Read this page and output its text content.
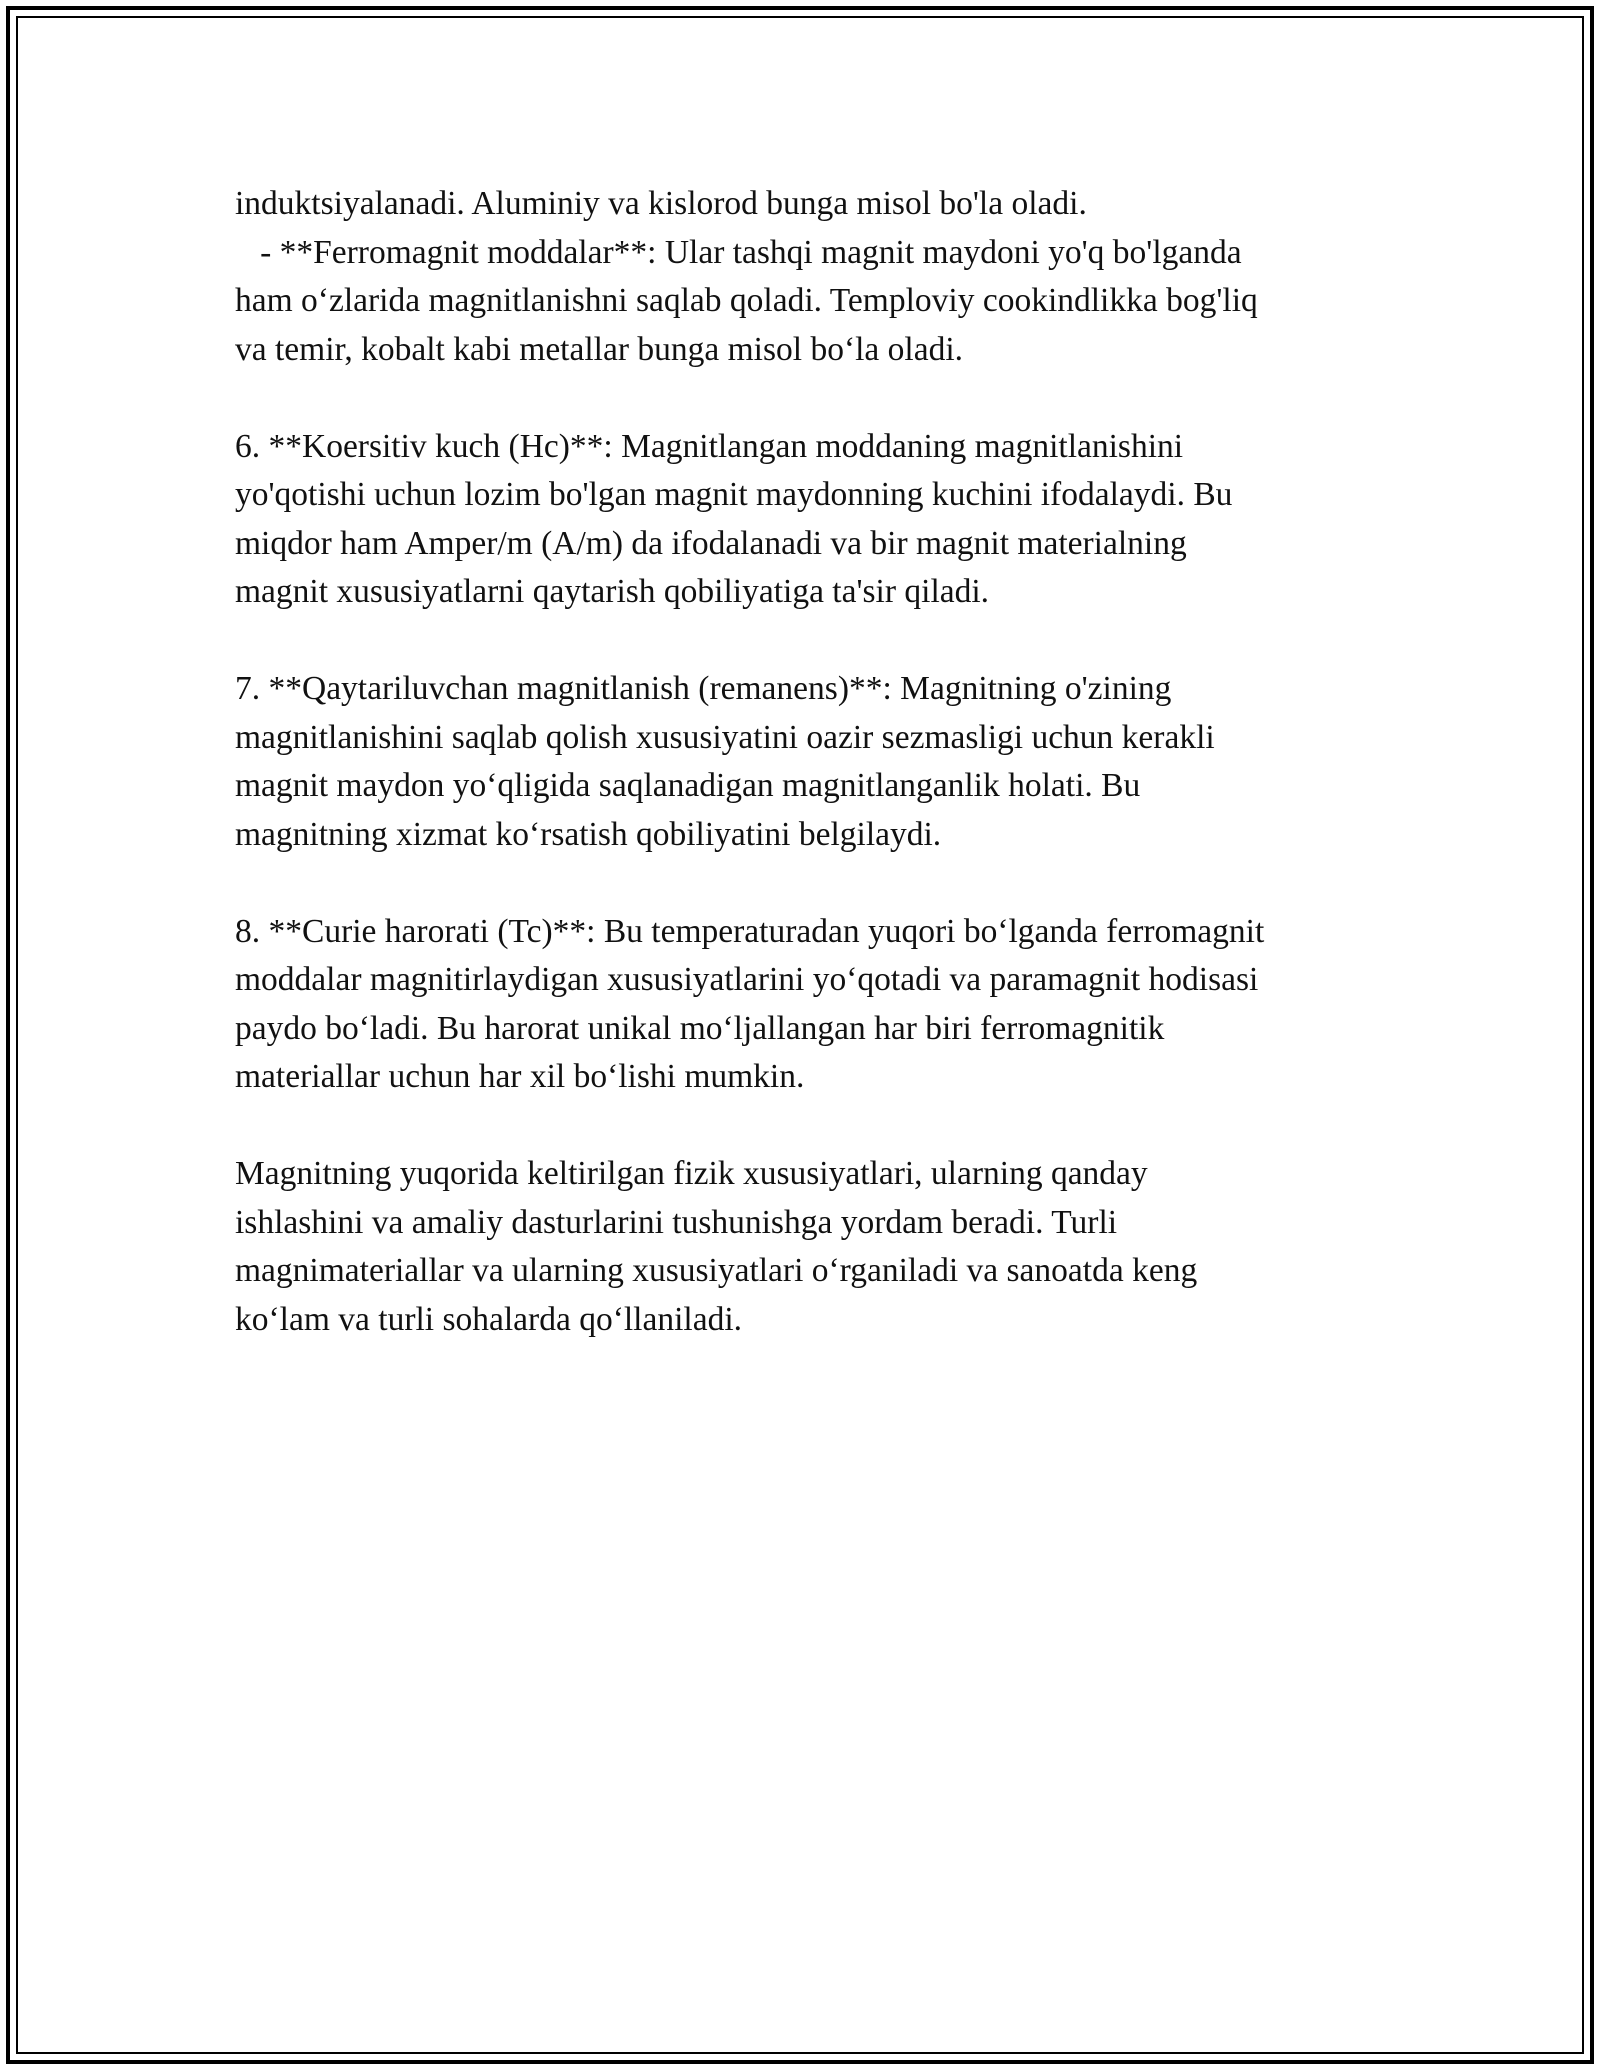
induktsiyalanadi. Aluminiy va kislorod bunga misol bo'la oladi.
- **Ferromagnit moddalar**: Ular tashqi magnit maydoni yo'q bo'lganda
ham o‘zlarida magnitlanishni saqlab qoladi. Temploviy cookindlikka bog'liq
va temir, kobalt kabi metallar bunga misol bo‘la oladi.
6. **Koersitiv kuch (Hc)**: Magnitlangan moddaning magnitlanishini
yo'qotishi uchun lozim bo'lgan magnit maydonning kuchini ifodalaydi. Bu
miqdor ham Amper/m (A/m) da ifodalanadi va bir magnit materialning
magnit xususiyatlarni qaytarish qobiliyatiga ta'sir qiladi.
7. **Qaytariluvchan magnitlanish (remanens)**: Magnitning o'zining
magnitlanishini saqlab qolish xususiyatini oazir sezmasligi uchun kerakli
magnit maydon yo‘qligida saqlanadigan magnitlanganlik holati. Bu
magnitning xizmat ko‘rsatish qobiliyatini belgilaydi.
8. **Curie harorati (Tc)**: Bu temperaturadan yuqori bo‘lganda ferromagnit
moddalar magnitirlaydigan xususiyatlarini yo‘qotadi va paramagnit hodisasi
paydo bo‘ladi. Bu harorat unikal mo‘ljallangan har biri ferromagnitik
materiallar uchun har xil bo‘lishi mumkin.
Magnitning yuqorida keltirilgan fizik xususiyatlari, ularning qanday
ishlashini va amaliy dasturlarini tushunishga yordam beradi. Turli
magnimateriallar va ularning xususiyatlari o‘rganiladi va sanoatda keng
ko‘lam va turli sohalarda qo‘llaniladi.
